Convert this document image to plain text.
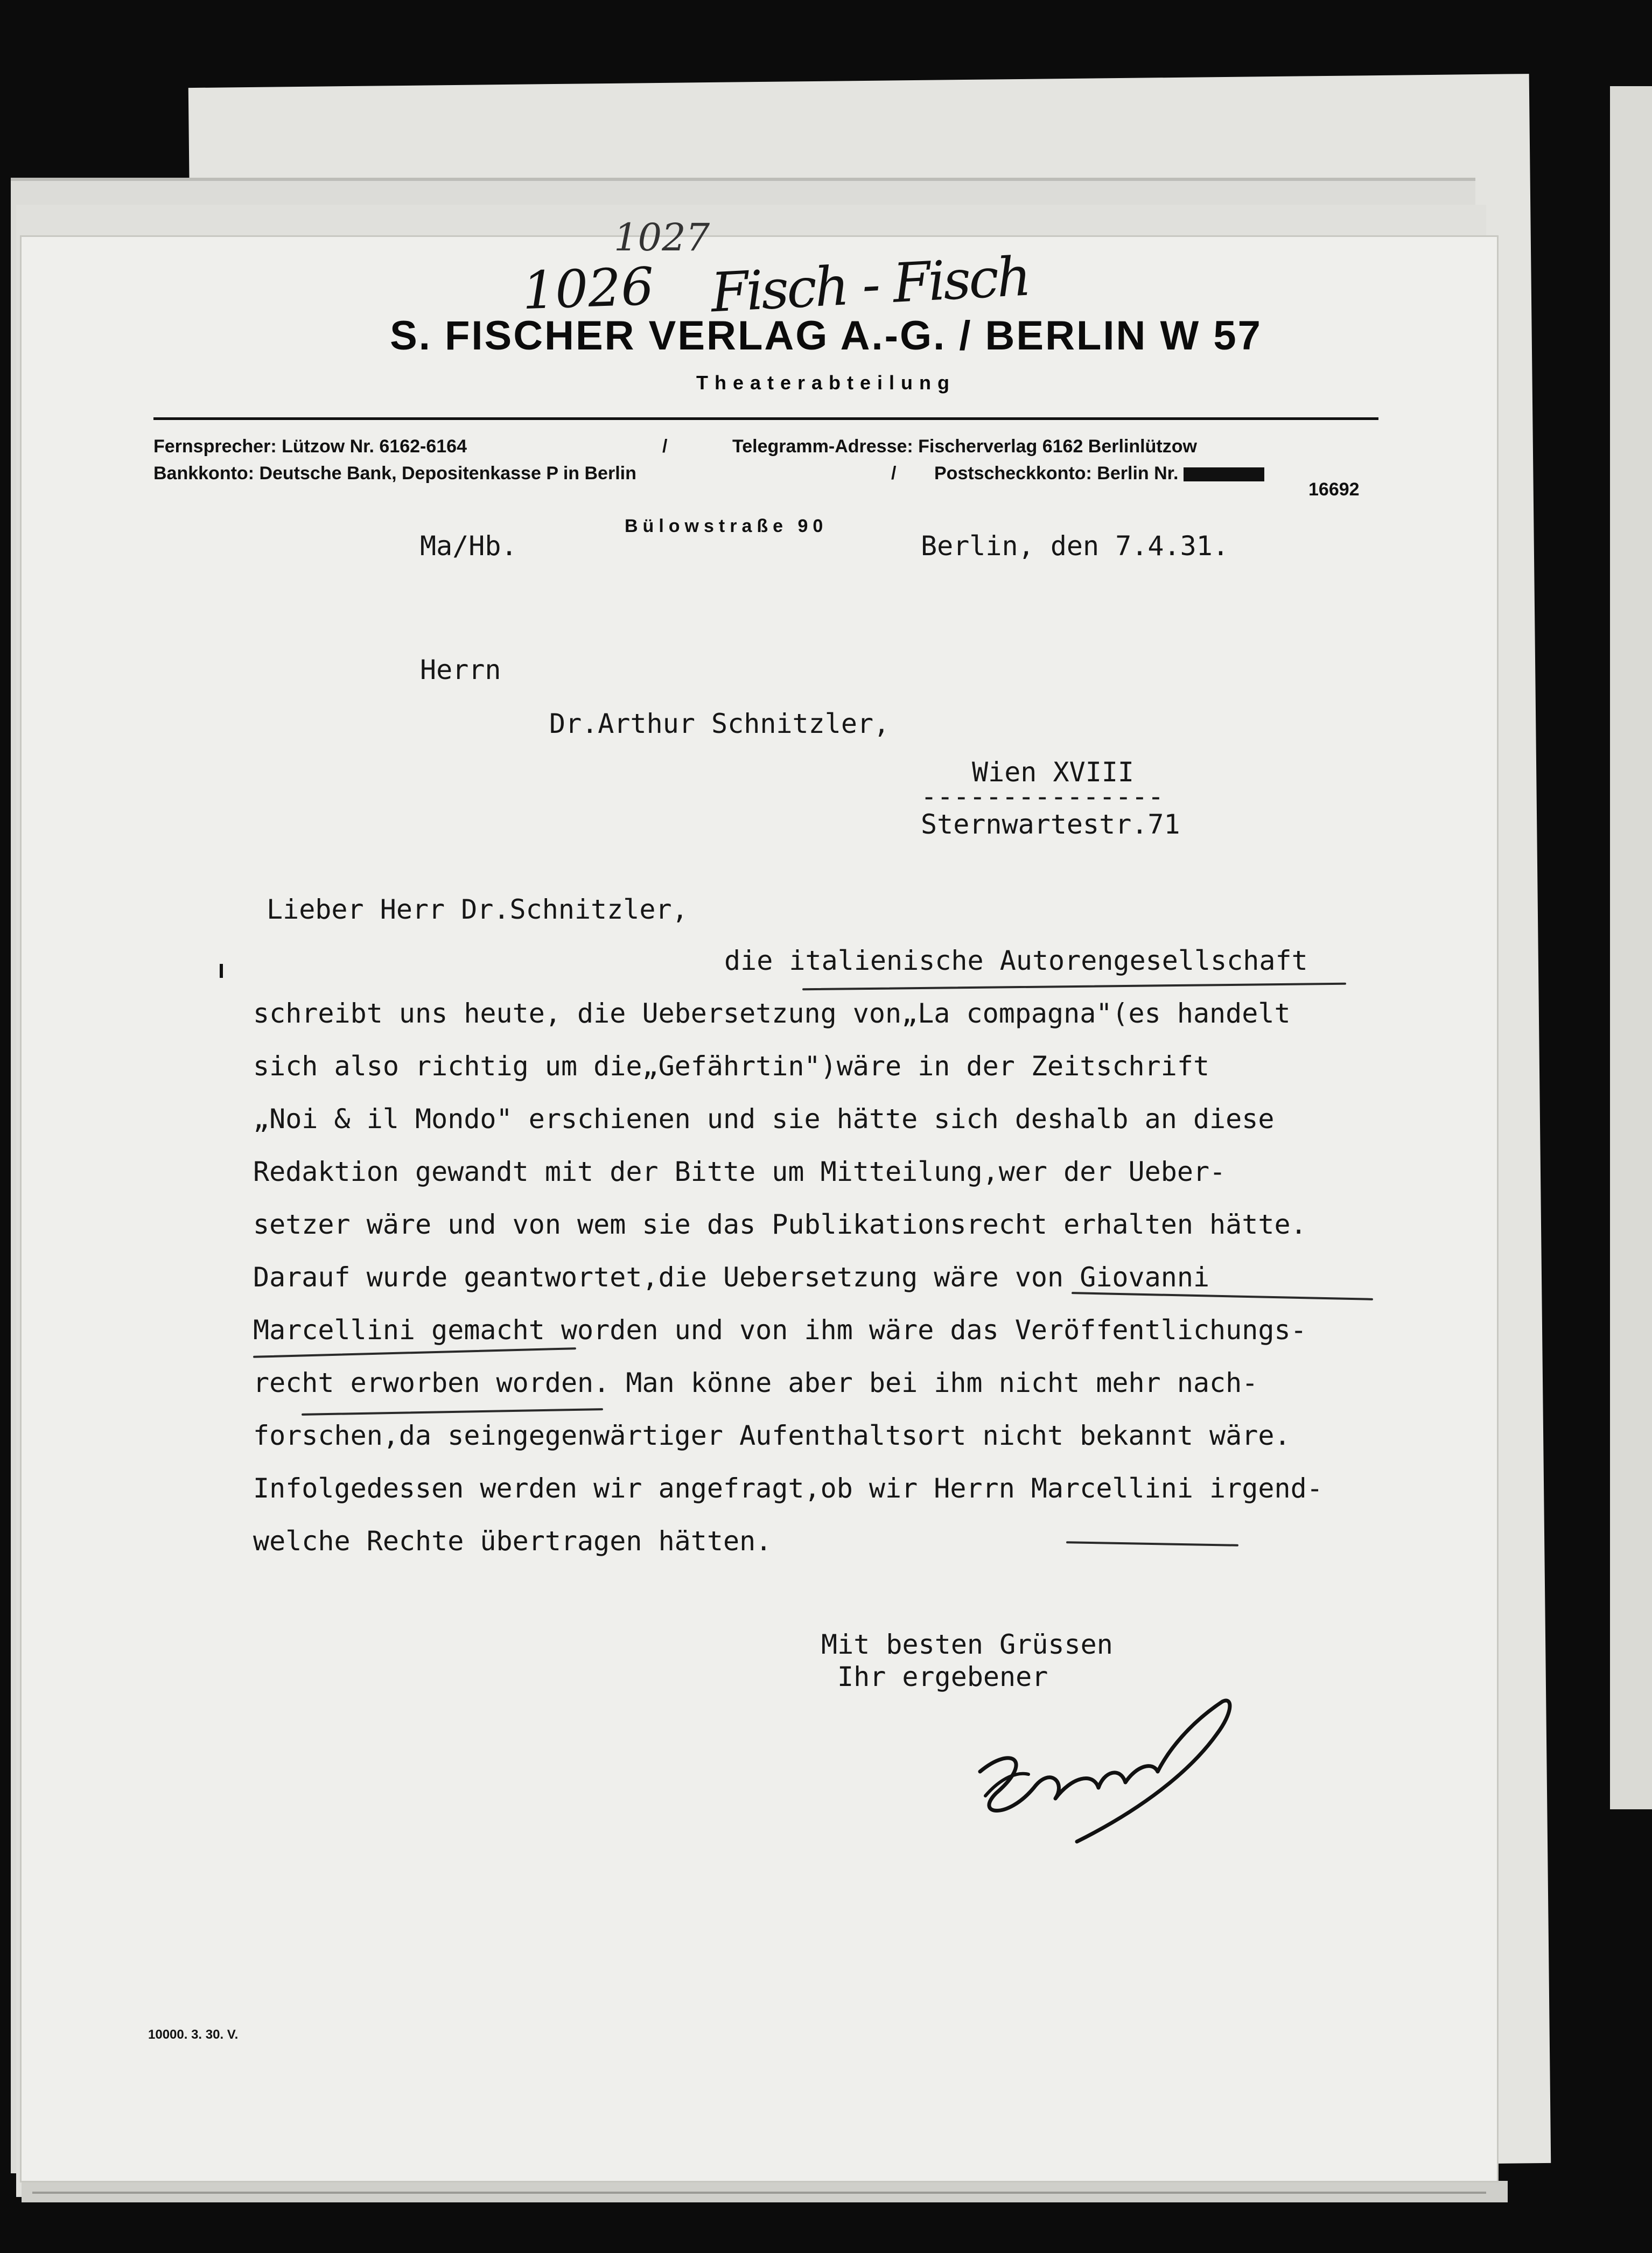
1027
1026 Fisch - Fisch
S. FISCHER VERLAG A.-G. / BERLIN W 57
Theaterabteilung
Fernsprecher: Lützow Nr. 6162-6164	/	Telegramm-Adresse: Fischerverlag 6162 Berlinlützow
Bankkonto: Deutsche Bank, Depositenkasse P in Berlin	/ Postscheckkonto: Berlin Nr.
16692
Bülowstraße 90
Ma/Hb.	Berlin, den 7.4.31.
Herrn
Dr.Arthur Schnitzler,
Wien XVIII
---------------
Sternwartestr.71
Lieber Herr Dr.Schnitzler,
die italienische Autorengesellschaft
schreibt uns heute, die Uebersetzung von„La compagna"(es handelt
sich also richtig um die„Gefährtin")wäre in der Zeitschrift
„Noi & il Mondo" erschienen und sie hätte sich deshalb an diese
Redaktion gewandt mit der Bitte um Mitteilung,wer der Ueber-
setzer wäre und von wem sie das Publikationsrecht erhalten hätte.
Darauf wurde geantwortet,die Uebersetzung wäre von Giovanni
Marcellini gemacht worden und von ihm wäre das Veröffentlichungs-
recht erworben worden. Man könne aber bei ihm nicht mehr nach-
forschen,da seingegenwärtiger Aufenthaltsort nicht bekannt wäre.
Infolgedessen werden wir angefragt,ob wir Herrn Marcellini irgend-
welche Rechte übertragen hätten.
Mit besten Grüssen
Ihr ergebener
10000. 3. 30. V.
